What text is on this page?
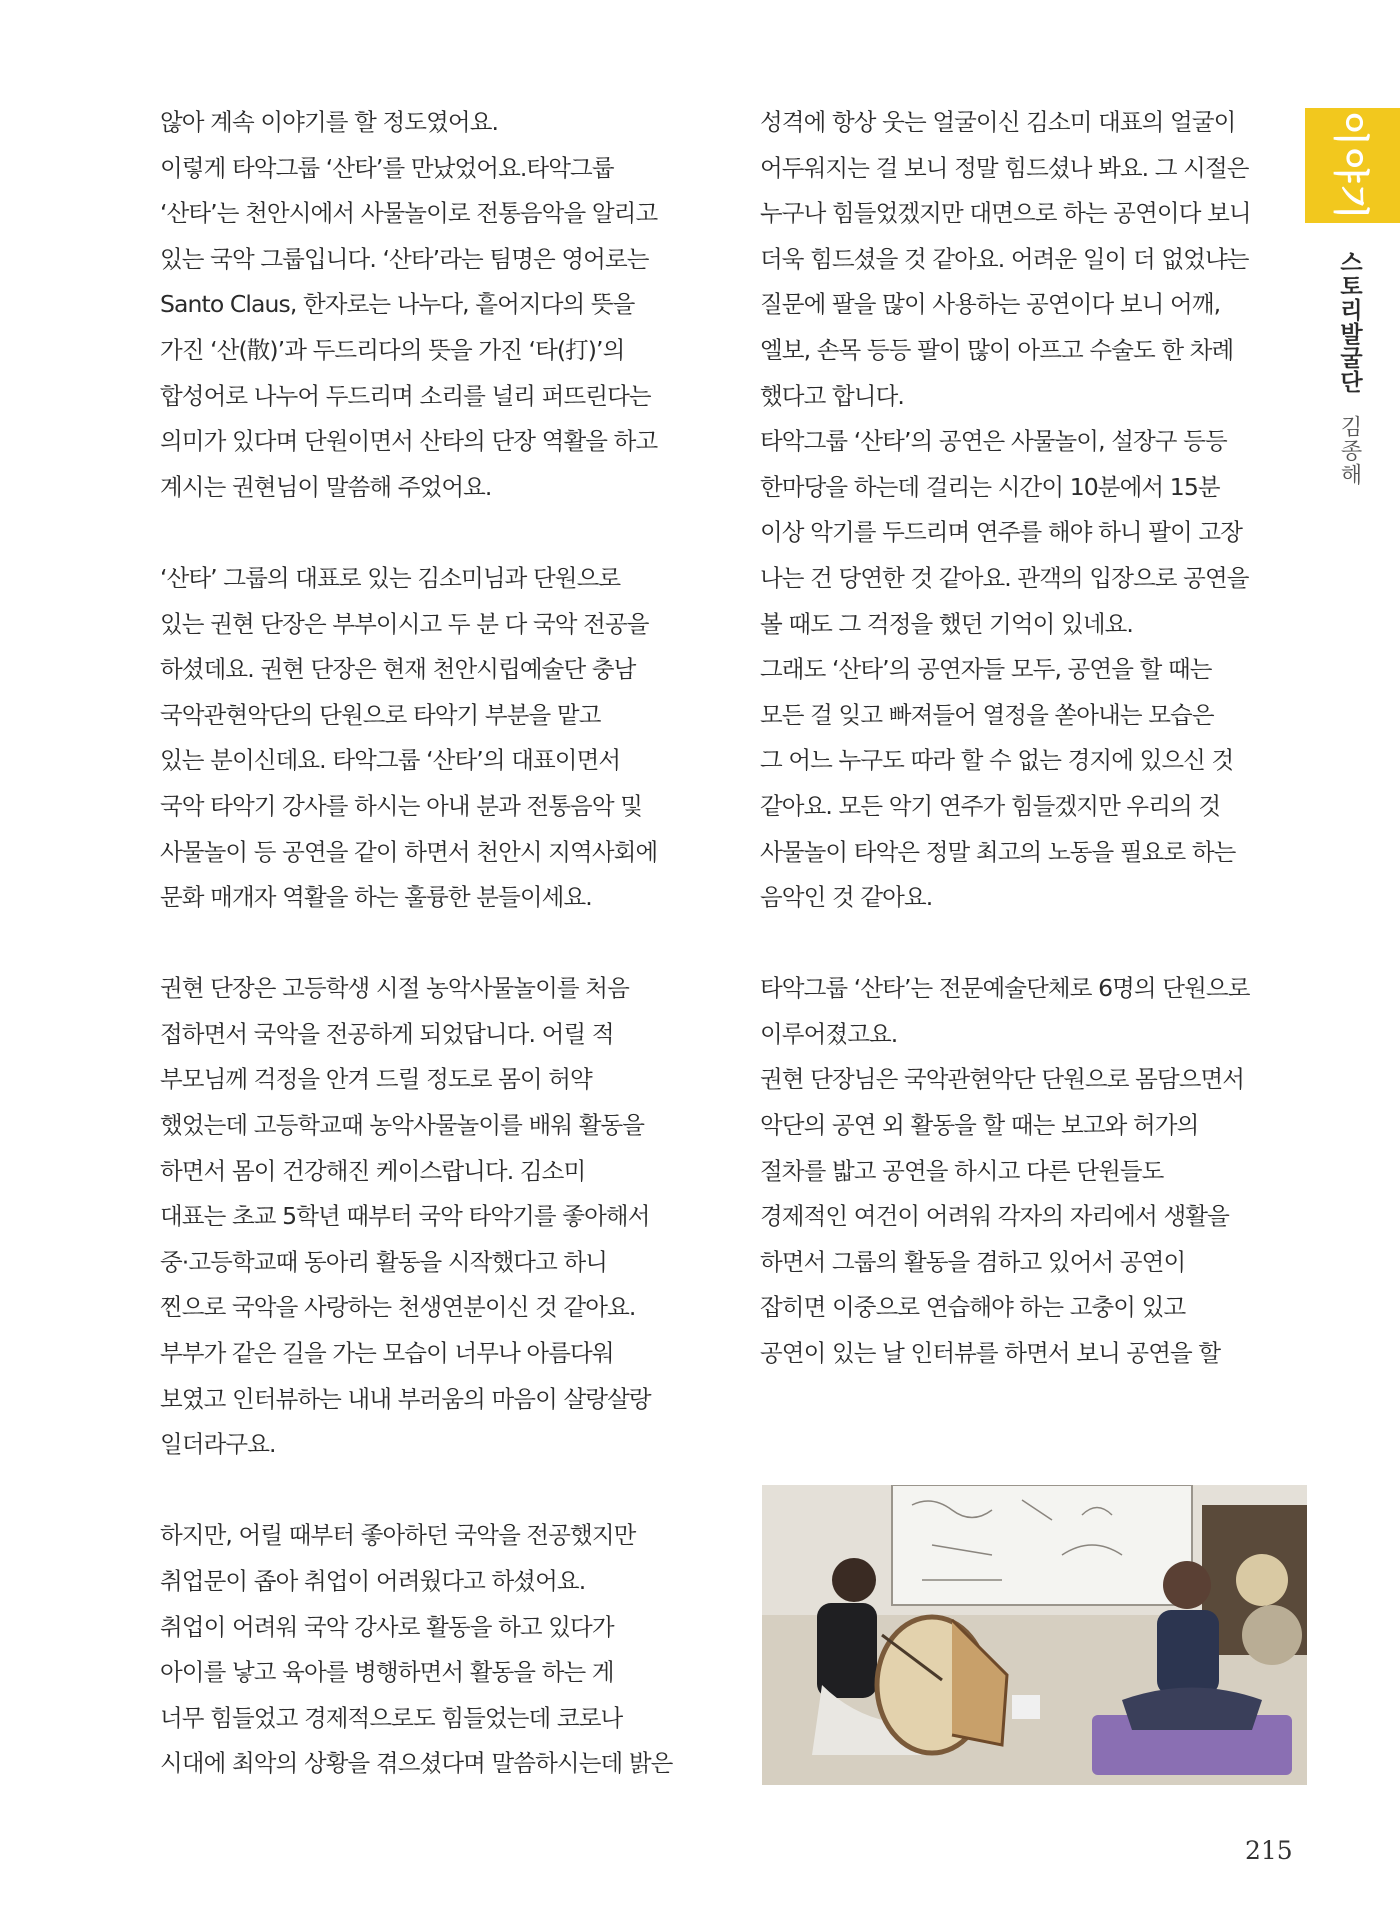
않아 계속 이야기를 할 정도였어요.
이렇게 타악그룹 ‘산타’를 만났었어요.타악그룹
‘산타’는 천안시에서 사물놀이로 전통음악을 알리고
있는 국악 그룹입니다. ‘산타’라는 팀명은 영어로는
Santo Claus, 한자로는 나누다, 흩어지다의 뜻을
가진 ‘산(散)’과 두드리다의 뜻을 가진 ‘타(打)’의
합성어로 나누어 두드리며 소리를 널리 퍼뜨린다는
의미가 있다며 단원이면서 산타의 단장 역활을 하고
계시는 권현님이 말씀해 주었어요.
‘산타’ 그룹의 대표로 있는 김소미님과 단원으로
있는 권현 단장은 부부이시고 두 분 다 국악 전공을
하셨데요. 권현 단장은 현재 천안시립예술단 충남
국악관현악단의 단원으로 타악기 부분을 맡고
있는 분이신데요. 타악그룹 ‘산타’의 대표이면서
국악 타악기 강사를 하시는 아내 분과 전통음악 및
사물놀이 등 공연을 같이 하면서 천안시 지역사회에
문화 매개자 역활을 하는 훌륭한 분들이세요.
권현 단장은 고등학생 시절 농악사물놀이를 처음
접하면서 국악을 전공하게 되었답니다. 어릴 적
부모님께 걱정을 안겨 드릴 정도로 몸이 허약
했었는데 고등학교때 농악사물놀이를 배워 활동을
하면서 몸이 건강해진 케이스랍니다. 김소미
대표는 초교 5학년 때부터 국악 타악기를 좋아해서
중·고등학교때 동아리 활동을 시작했다고 하니
찐으로 국악을 사랑하는 천생연분이신 것 같아요.
부부가 같은 길을 가는 모습이 너무나 아름다워
보였고 인터뷰하는 내내 부러움의 마음이 살랑살랑
일더라구요.
하지만, 어릴 때부터 좋아하던 국악을 전공했지만
취업문이 좁아 취업이 어려웠다고 하셨어요.
취업이 어려워 국악 강사로 활동을 하고 있다가
아이를 낳고 육아를 병행하면서 활동을 하는 게
너무 힘들었고 경제적으로도 힘들었는데 코로나
시대에 최악의 상황을 겪으셨다며 말씀하시는데 밝은
성격에 항상 웃는 얼굴이신 김소미 대표의 얼굴이
어두워지는 걸 보니 정말 힘드셨나 봐요. 그 시절은
누구나 힘들었겠지만 대면으로 하는 공연이다 보니
더욱 힘드셨을 것 같아요. 어려운 일이 더 없었냐는
질문에 팔을 많이 사용하는 공연이다 보니 어깨,
엘보, 손목 등등 팔이 많이 아프고 수술도 한 차례
했다고 합니다.
타악그룹 ‘산타’의 공연은 사물놀이, 설장구 등등
한마당을 하는데 걸리는 시간이 10분에서 15분
이상 악기를 두드리며 연주를 해야 하니 팔이 고장
나는 건 당연한 것 같아요. 관객의 입장으로 공연을
볼 때도 그 걱정을 했던 기억이 있네요.
그래도 ‘산타’의 공연자들 모두, 공연을 할 때는
모든 걸 잊고 빠져들어 열정을 쏟아내는 모습은
그 어느 누구도 따라 할 수 없는 경지에 있으신 것
같아요. 모든 악기 연주가 힘들겠지만 우리의 것
사물놀이 타악은 정말 최고의 노동을 필요로 하는
음악인 것 같아요.
타악그룹 ‘산타’는 전문예술단체로 6명의 단원으로
이루어졌고요.
권현 단장님은 국악관현악단 단원으로 몸담으면서
악단의 공연 외 활동을 할 때는 보고와 허가의
절차를 밟고 공연을 하시고 다른 단원들도
경제적인 여건이 어려워 각자의 자리에서 생활을
하면서 그룹의 활동을 겸하고 있어서 공연이
잡히면 이중으로 연습해야 하는 고충이 있고
공연이 있는 날 인터뷰를 하면서 보니 공연을 할
이야기
스토리발굴단 김종해
215
